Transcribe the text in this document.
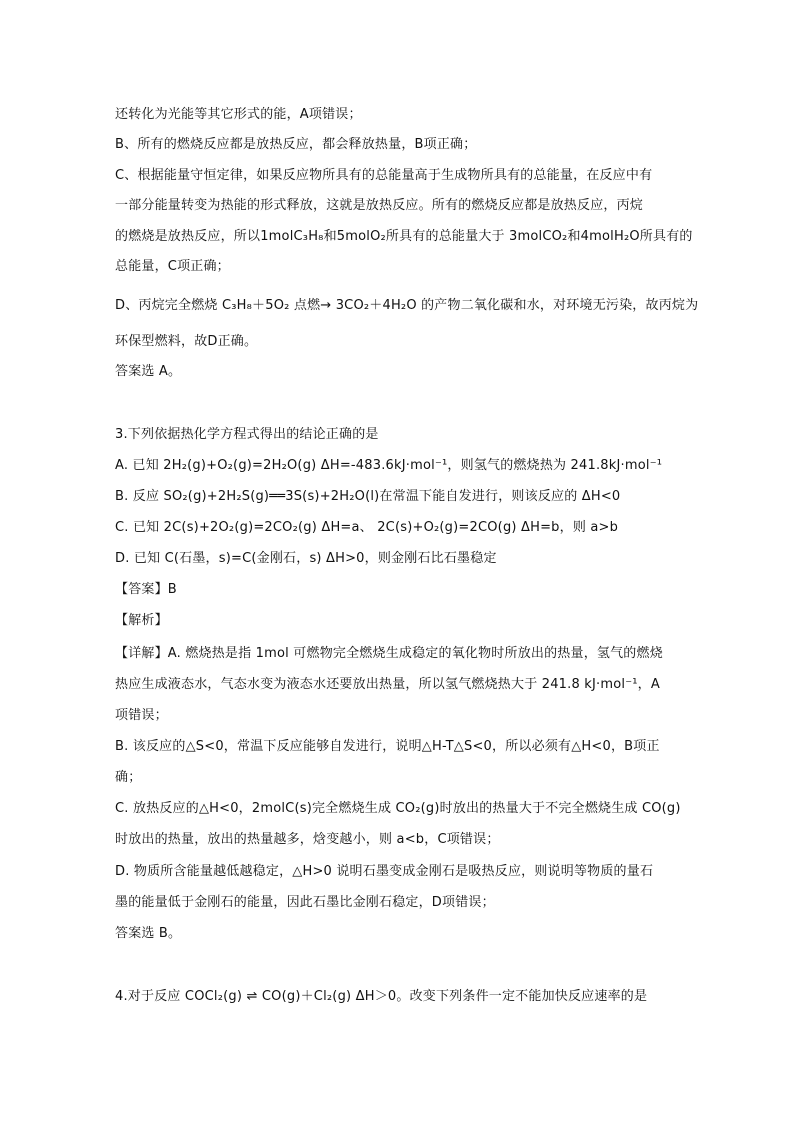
还转化为光能等其它形式的能，A项错误；
B、所有的燃烧反应都是放热反应，都会释放热量，B项正确；
C、根据能量守恒定律，如果反应物所具有的总能量高于生成物所具有的总能量，在反应中有
一部分能量转变为热能的形式释放，这就是放热反应。所有的燃烧反应都是放热反应，丙烷
的燃烧是放热反应，所以1molC₃H₈和5molO₂所具有的总能量大于 3molCO₂和4molH₂O所具有的
总能量，C项正确；
D、丙烷完全燃烧 C₃H₈＋5O₂ 点燃→ 3CO₂＋4H₂O 的产物二氧化碳和水，对环境无污染，故丙烷为
环保型燃料，故D正确。
答案选 A。
3.下列依据热化学方程式得出的结论正确的是
A. 已知 2H₂(g)+O₂(g)=2H₂O(g) ΔH=-483.6kJ·mol⁻¹，则氢气的燃烧热为 241.8kJ·mol⁻¹
B. 反应 SO₂(g)+2H₂S(g)══3S(s)+2H₂O(l)在常温下能自发进行，则该反应的 ΔH<0
C. 已知 2C(s)+2O₂(g)=2CO₂(g) ΔH=a、 2C(s)+O₂(g)=2CO(g) ΔH=b，则 a>b
D. 已知 C(石墨，s)=C(金刚石，s) ΔH>0，则金刚石比石墨稳定
【答案】B
【解析】
【详解】A. 燃烧热是指 1mol 可燃物完全燃烧生成稳定的氧化物时所放出的热量，氢气的燃烧
热应生成液态水，气态水变为液态水还要放出热量，所以氢气燃烧热大于 241.8 kJ·mol⁻¹，A
项错误；
B. 该反应的△S<0，常温下反应能够自发进行，说明△H-T△S<0，所以必须有△H<0，B项正
确；
C. 放热反应的△H<0，2molC(s)完全燃烧生成 CO₂(g)时放出的热量大于不完全燃烧生成 CO(g)
时放出的热量，放出的热量越多，焓变越小，则 a<b，C项错误；
D. 物质所含能量越低越稳定，△H>0 说明石墨变成金刚石是吸热反应，则说明等物质的量石
墨的能量低于金刚石的能量，因此石墨比金刚石稳定，D项错误；
答案选 B。
4.对于反应 COCl₂(g) ⇌ CO(g)＋Cl₂(g) ΔH＞0。改变下列条件一定不能加快反应速率的是
